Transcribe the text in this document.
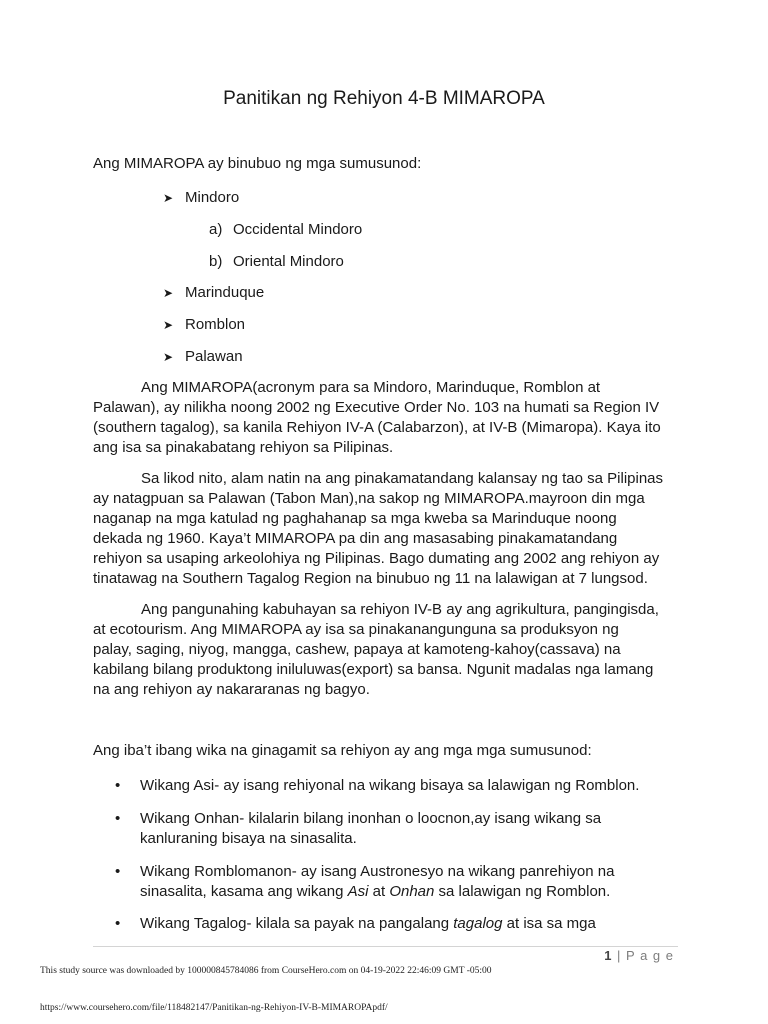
Panitikan ng Rehiyon 4-B MIMAROPA
Ang MIMAROPA ay binubuo ng mga sumusunod:
➤ Mindoro
a) Occidental Mindoro
b) Oriental Mindoro
➤ Marinduque
➤ Romblon
➤ Palawan
Ang MIMAROPA(acronym para sa Mindoro, Marinduque, Romblon at
Palawan), ay nilikha noong 2002 ng Executive Order No. 103 na humati sa Region IV
(southern tagalog), sa kanila Rehiyon IV-A (Calabarzon), at IV-B (Mimaropa). Kaya ito
ang isa sa pinakabatang rehiyon sa Pilipinas.
Sa likod nito, alam natin na ang pinakamatandang kalansay ng tao sa Pilipinas
ay natagpuan sa Palawan (Tabon Man),na sakop ng MIMAROPA.mayroon din mga
naganap na mga katulad ng paghahanap sa mga kweba sa Marinduque noong
dekada ng 1960. Kaya’t MIMAROPA pa din ang masasabing pinakamatandang
rehiyon sa usaping arkeolohiya ng Pilipinas. Bago dumating ang 2002 ang rehiyon ay
tinatawag na Southern Tagalog Region na binubuo ng 11 na lalawigan at 7 lungsod.
Ang pangunahing kabuhayan sa rehiyon IV-B ay ang agrikultura, pangingisda,
at ecotourism. Ang MIMAROPA ay isa sa pinakanangunguna sa produksyon ng
palay, saging, niyog, mangga, cashew, papaya at kamoteng-kahoy(cassava) na
kabilang bilang produktong iniluluwas(export) sa bansa. Ngunit madalas nga lamang
na ang rehiyon ay nakararanas ng bagyo.
Ang iba’t ibang wika na ginagamit sa rehiyon ay ang mga mga sumusunod:
• Wikang Asi- ay isang rehiyonal na wikang bisaya sa lalawigan ng Romblon.
• Wikang Onhan- kilalarin bilang inonhan o loocnon,ay isang wikang sa
kanluraning bisaya na sinasalita.
• Wikang Romblomanon- ay isang Austronesyo na wikang panrehiyon na
sinasalita, kasama ang wikang Asi at Onhan sa lalawigan ng Romblon.
• Wikang Tagalog- kilala sa payak na pangalang tagalog at isa sa mga
1 | P a g e
This study source was downloaded by 100000845784086 from CourseHero.com on 04-19-2022 22:46:09 GMT -05:00
https://www.coursehero.com/file/118482147/Panitikan-ng-Rehiyon-IV-B-MIMAROPApdf/
